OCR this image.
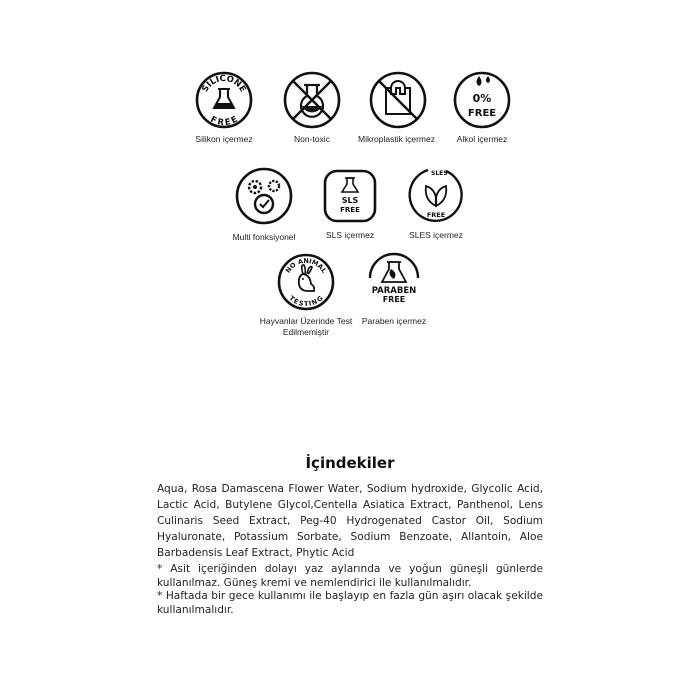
SILICONE
FREE
Silikon içermez	Non-toxic	Mikroplastik içermez
0%
FREE
Alkol içermez
Multi fonksiyonel
SLS
FREE
SLS içermez
SLES
FREE
SLES içermez
NO ANIMAL
TESTING
Hayvanlar Üzerinde Test Edilmemiştir
PARABEN
FREE
Paraben içermez
İçindekiler

Aqua, Rosa Damascena Flower Water, Sodium hydroxide, Glycolic Acid, Lactic Acid, Butylene Glycol,Centella Asiatica Extract, Panthenol, Lens Culinaris Seed Extract, Peg-40 Hydrogenated Castor Oil, Sodium Hyaluronate, Potassium Sorbate, Sodium Benzoate, Allantoin, Aloe Barbadensis Leaf Extract, Phytic Acid

* Asit içeriğinden dolayı yaz aylarında ve yoğun güneşli günlerde kullanılmaz. Güneş kremi ve nemlendirici ile kullanılmalıdır.

* Haftada bir gece kullanımı ile başlayıp en fazla gün aşırı olacak şekilde kullanılmalıdır.
